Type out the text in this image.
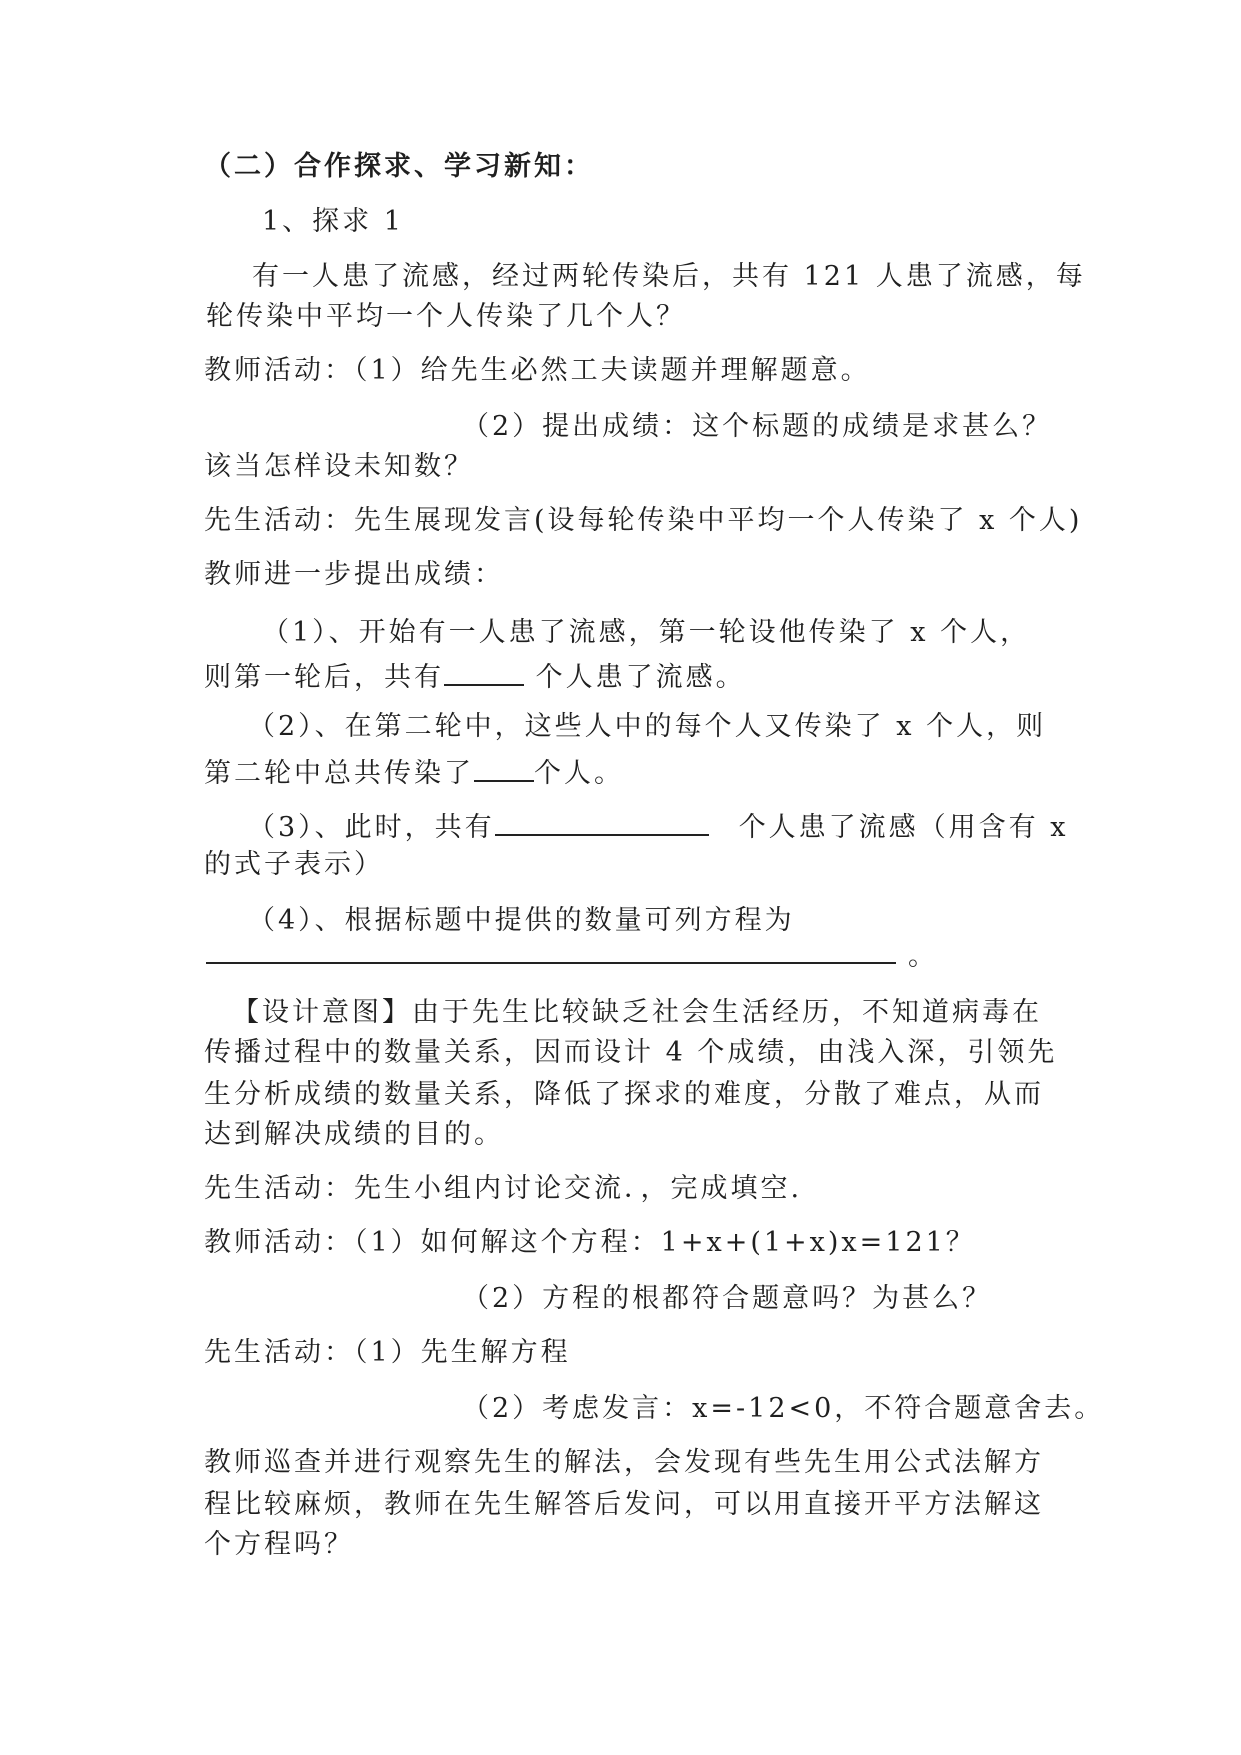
（二）合作探求、学习新知：
1、探求 1
有一人患了流感，经过两轮传染后，共有 121 人患了流感，每
轮传染中平均一个人传染了几个人？
教师活动：（1）给先生必然工夫读题并理解题意。
（2）提出成绩：这个标题的成绩是求甚么？
该当怎样设未知数？
先生活动：先生展现发言(设每轮传染中平均一个人传染了 x 个人)
教师进一步提出成绩：
（1）、开始有一人患了流感，第一轮设他传染了 x 个人，
则第一轮后，共有	个人患了流感。
（2）、在第二轮中，这些人中的每个人又传染了 x 个人，则
第二轮中总共传染了 个人。
（3）、此时，共有	个人患了流感（用含有 x
的式子表示）
（4）、根据标题中提供的数量可列方程为
。
【设计意图】由于先生比较缺乏社会生活经历，不知道病毒在
传播过程中的数量关系，因而设计 4 个成绩，由浅入深，引领先
生分析成绩的数量关系，降低了探求的难度，分散了难点，从而
达到解决成绩的目的。
先生活动：先生小组内讨论交流．，完成填空.
教师活动：（1）如何解这个方程：1+x+(1+x)x=121？
（2）方程的根都符合题意吗？为甚么？
先生活动：（1）先生解方程
（2）考虑发言：x=-12<0，不符合题意舍去。
教师巡查并进行观察先生的解法，会发现有些先生用公式法解方
程比较麻烦，教师在先生解答后发问，可以用直接开平方法解这
个方程吗？
